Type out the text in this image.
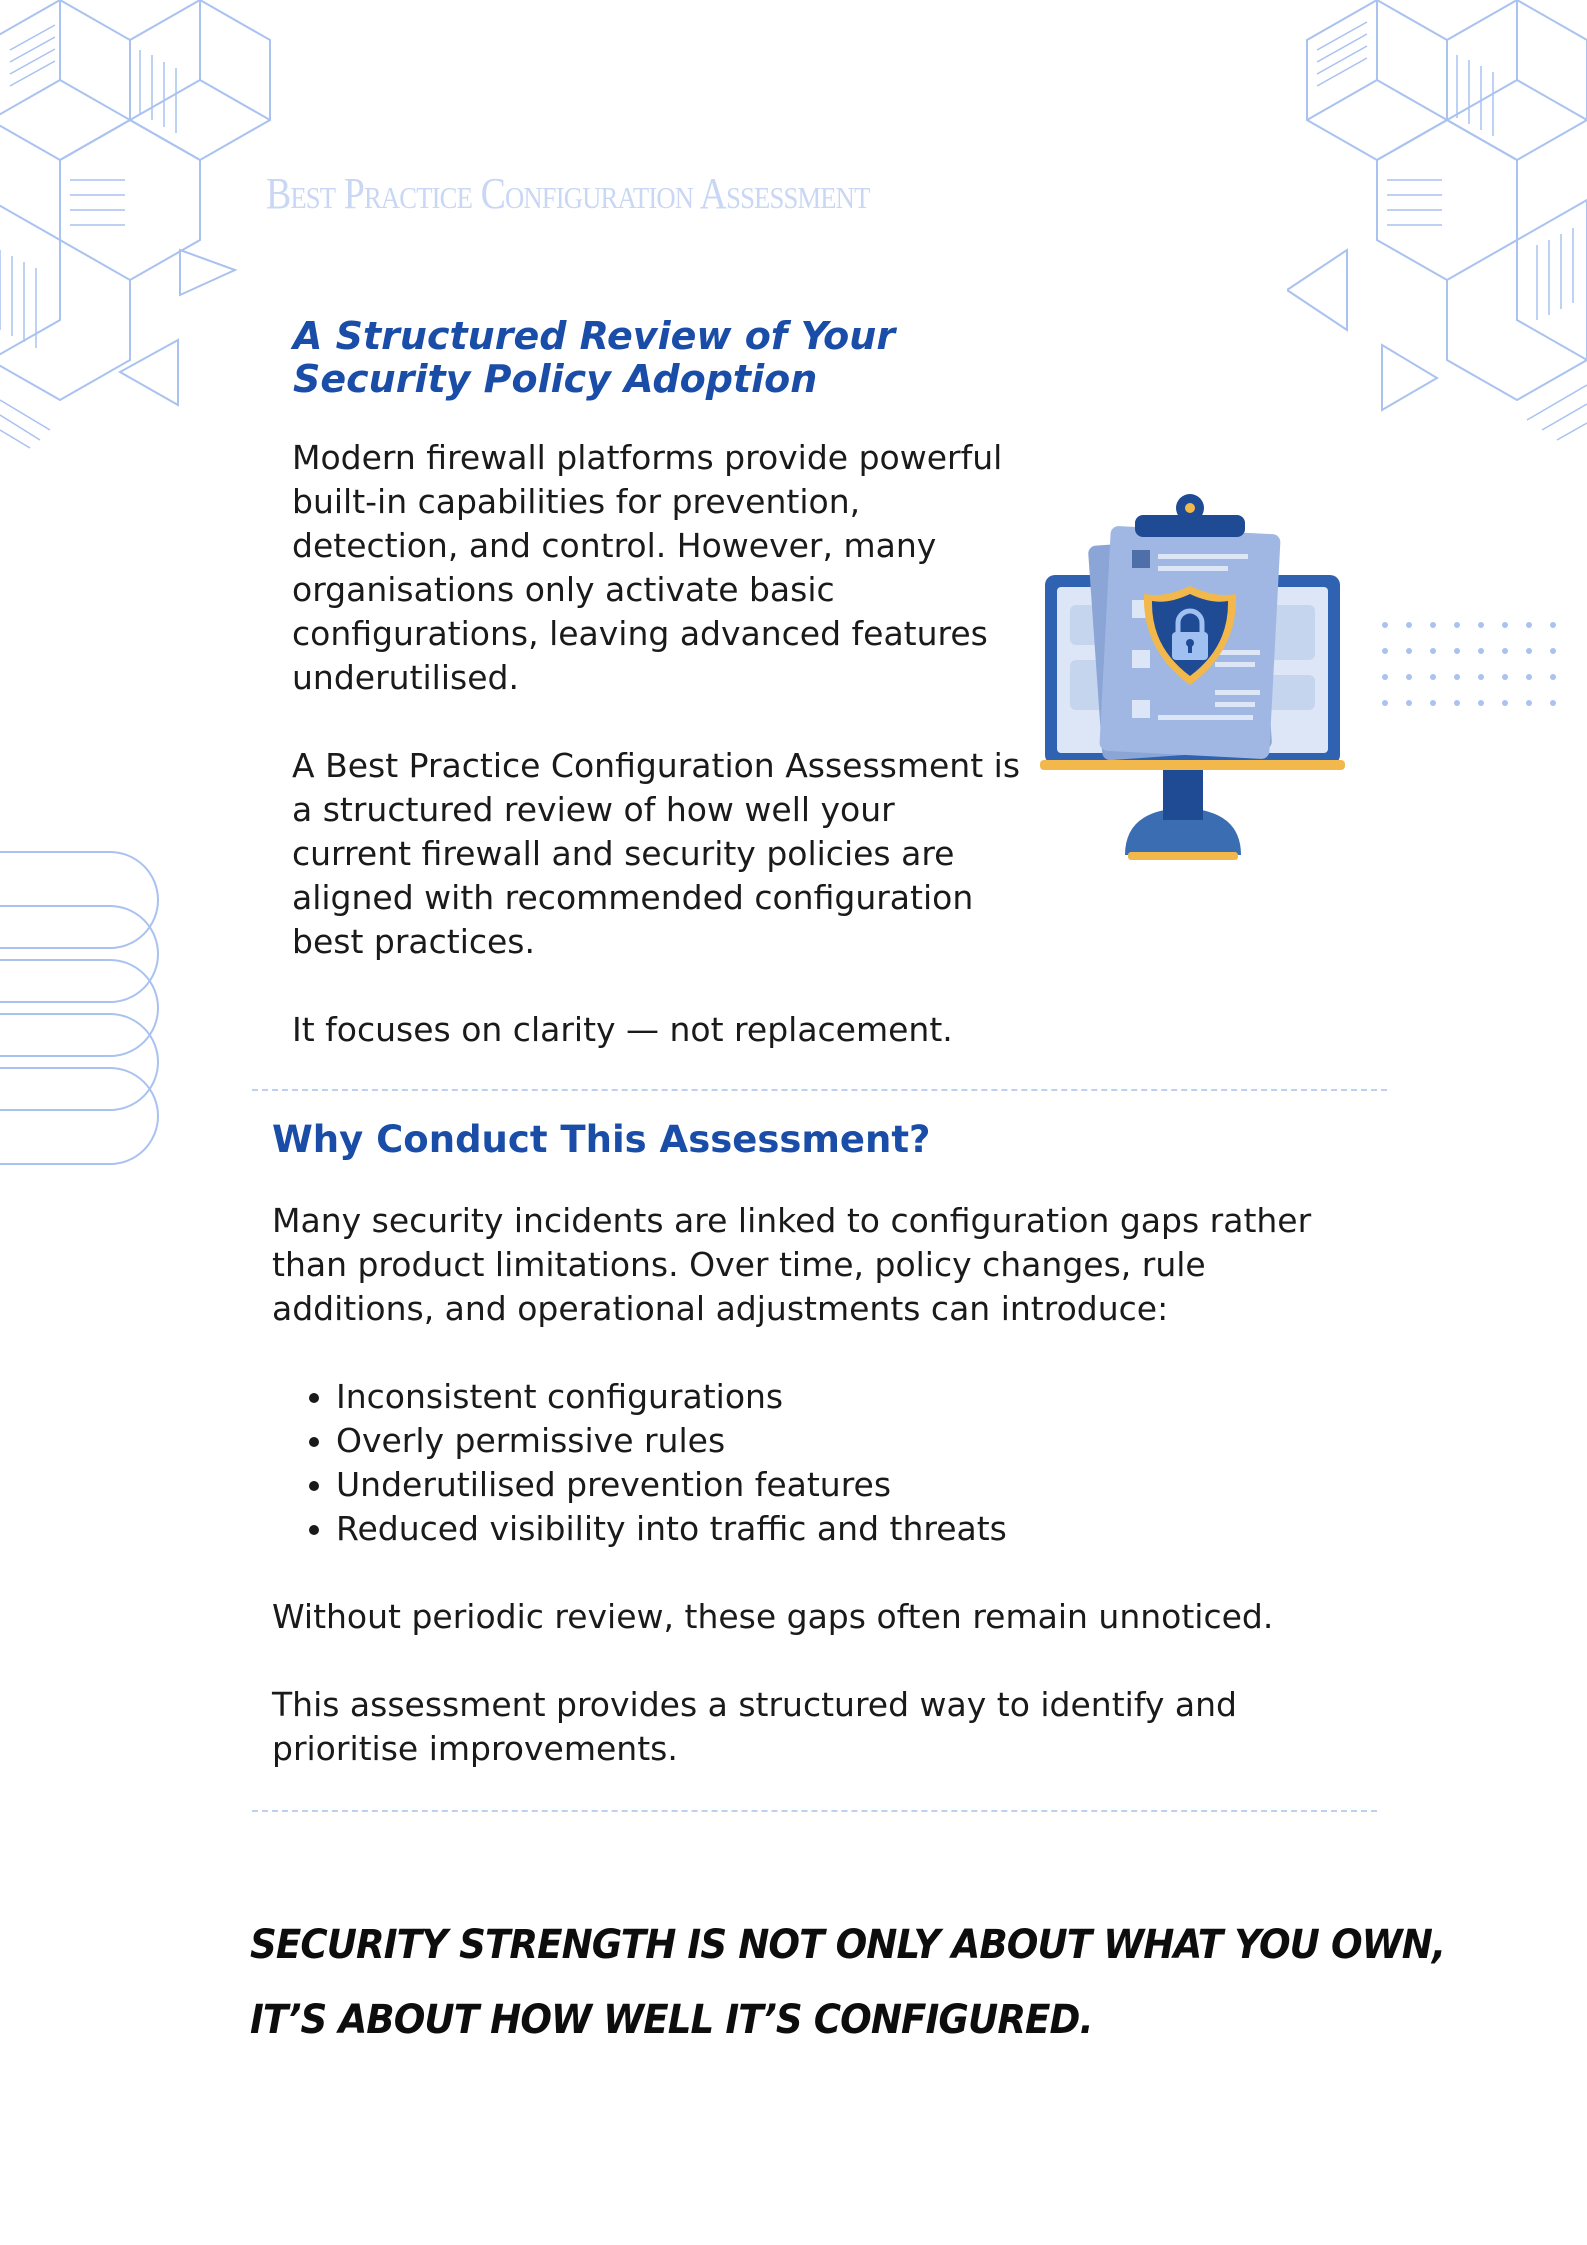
Best Practice Configuration Assessment
A Structured Review of Your
Security Policy Adoption

Modern firewall platforms provide powerful built-in capabilities for prevention, detection, and control. However, many organisations only activate basic configurations, leaving advanced features underutilised.

A Best Practice Configuration Assessment is a structured review of how well your current firewall and security policies are aligned with recommended configuration best practices.

It focuses on clarity — not replacement.

Why Conduct This Assessment?

Many security incidents are linked to configuration gaps rather than product limitations. Over time, policy changes, rule additions, and operational adjustments can introduce:

• Inconsistent configurations
• Overly permissive rules
• Underutilised prevention features
• Reduced visibility into traffic and threats

Without periodic review, these gaps often remain unnoticed.

This assessment provides a structured way to identify and prioritise improvements.

SECURITY STRENGTH IS NOT ONLY ABOUT WHAT YOU OWN,
IT’S ABOUT HOW WELL IT’S CONFIGURED.
